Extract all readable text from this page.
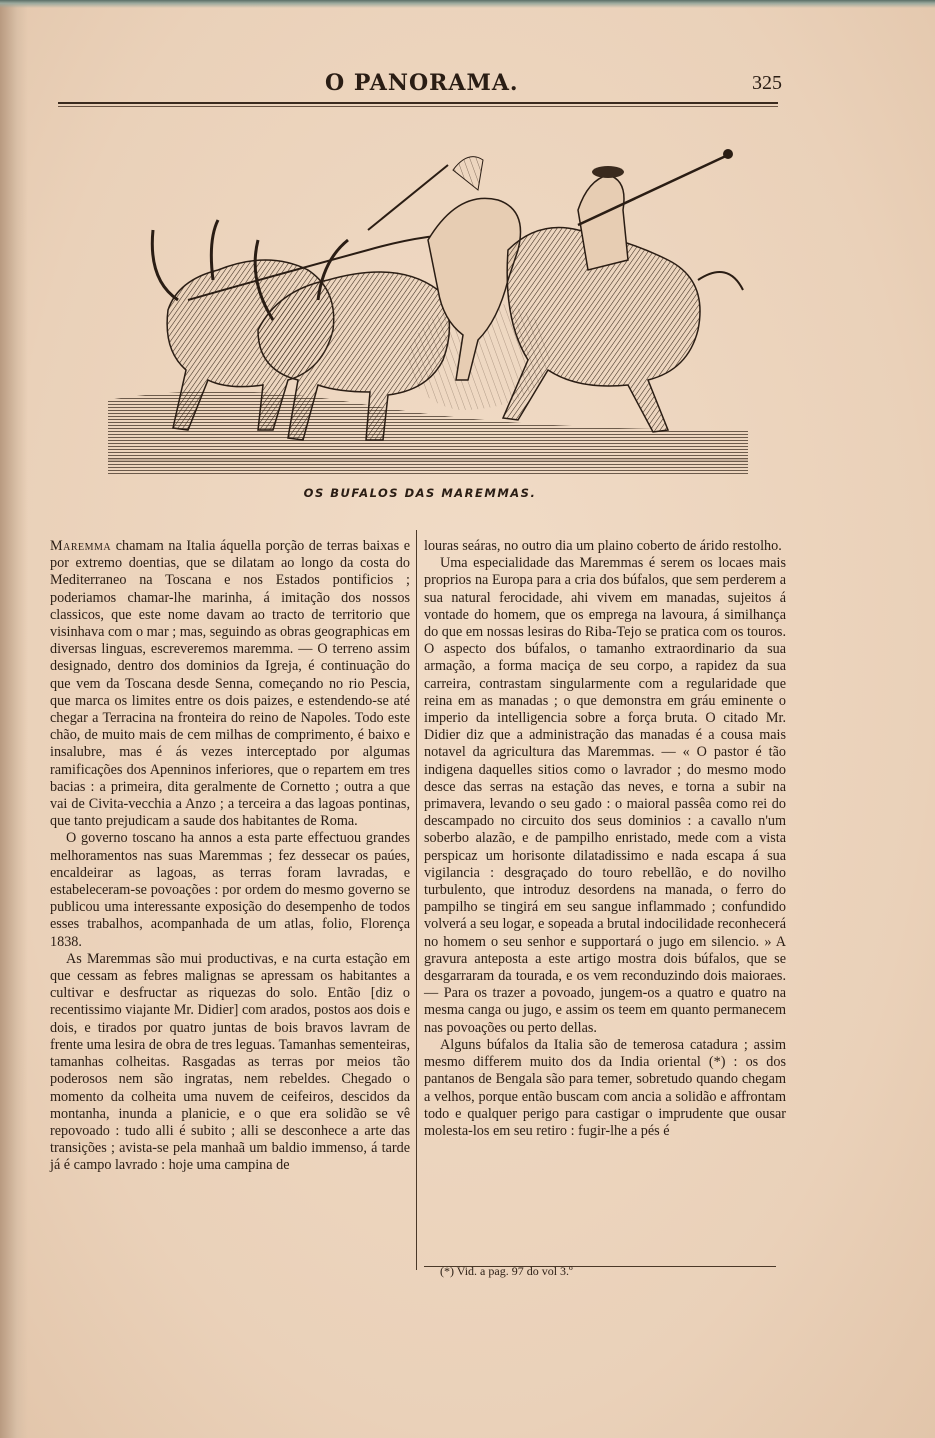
O PANORAMA.	325
OS BUFALOS DAS MAREMMAS.

Maremma chamam na Italia áquella porção de terras baixas e por extremo doentias, que se dilatam ao longo da costa do Mediterraneo na Toscana e nos Estados pontificios ; poderiamos chamar-lhe marinha, á imitação dos nossos classicos, que este nome davam ao tracto de territorio que visinhava com o mar ; mas, seguindo as obras geographicas em diversas linguas, escreveremos maremma. — O terreno assim designado, dentro dos dominios da Igreja, é continuação do que vem da Toscana desde Senna, começando no rio Pescia, que marca os limites entre os dois paizes, e estendendo-se até chegar a Terracina na fronteira do reino de Napoles. Todo este chão, de muito mais de cem milhas de comprimento, é baixo e insalubre, mas é ás vezes interceptado por algumas ramificações dos Apenninos inferiores, que o repartem em tres bacias : a primeira, dita geralmente de Cornetto ; outra a que vai de Civita-vecchia a Anzo ; a terceira a das lagoas pontinas, que tanto prejudicam a saude dos habitantes de Roma.

O governo toscano ha annos a esta parte effectuou grandes melhoramentos nas suas Maremmas ; fez dessecar os paúes, encaldeirar as lagoas, as terras foram lavradas, e estabeleceram-se povoações : por ordem do mesmo governo se publicou uma interessante exposição do desempenho de todos esses trabalhos, acompanhada de um atlas, folio, Florença 1838.

As Maremmas são mui productivas, e na curta estação em que cessam as febres malignas se apressam os habitantes a cultivar e desfructar as riquezas do solo. Então [diz o recentissimo viajante Mr. Didier] com arados, postos aos dois e dois, e tirados por quatro juntas de bois bravos lavram de frente uma lesira de obra de tres leguas. Tamanhas sementeiras, tamanhas colheitas. Rasgadas as terras por meios tão poderosos nem são ingratas, nem rebeldes. Chegado o momento da colheita uma nuvem de ceifeiros, descidos da montanha, inunda a planicie, e o que era solidão se vê repovoado : tudo alli é subito ; alli se desconhece a arte das transições ; avista-se pela manhaã um baldio immenso, á tarde já é campo lavrado : hoje uma campina de

louras seáras, no outro dia um plaino coberto de árido restolho.

Uma especialidade das Maremmas é serem os locaes mais proprios na Europa para a cria dos búfalos, que sem perderem a sua natural ferocidade, ahi vivem em manadas, sujeitos á vontade do homem, que os emprega na lavoura, á similhança do que em nossas lesiras do Riba-Tejo se pratica com os touros. O aspecto dos búfalos, o tamanho extraordinario da sua armação, a forma maciça de seu corpo, a rapidez da sua carreira, contrastam singularmente com a regularidade que reina em as manadas ; o que demonstra em gráu eminente o imperio da intelligencia sobre a força bruta. O citado Mr. Didier diz que a administração das manadas é a cousa mais notavel da agricultura das Maremmas. — « O pastor é tão indigena daquelles sitios como o lavrador ; do mesmo modo desce das serras na estação das neves, e torna a subir na primavera, levando o seu gado : o maioral passêa como rei do descampado no circuito dos seus dominios : a cavallo n'um soberbo alazão, e de pampilho enristado, mede com a vista perspicaz um horisonte dilatadissimo e nada escapa á sua vigilancia : desgraçado do touro rebellão, e do novilho turbulento, que introduz desordens na manada, o ferro do pampilho se tingirá em seu sangue inflammado ; confundido volverá a seu logar, e sopeada a brutal indocilidade reconhecerá no homem o seu senhor e supportará o jugo em silencio. » A gravura anteposta a este artigo mostra dois búfalos, que se desgarraram da tourada, e os vem reconduzindo dois maioraes. — Para os trazer a povoado, jungem-os a quatro e quatro na mesma canga ou jugo, e assim os teem em quanto permanecem nas povoações ou perto dellas.

Alguns búfalos da Italia são de temerosa catadura ; assim mesmo differem muito dos da India oriental (*) : os dos pantanos de Bengala são para temer, sobretudo quando chegam a velhos, porque então buscam com ancia a solidão e affrontam todo e qualquer perigo para castigar o imprudente que ousar molesta-los em seu retiro : fugir-lhe a pés é

(*) Vid. a pag. 97 do vol 3.º
